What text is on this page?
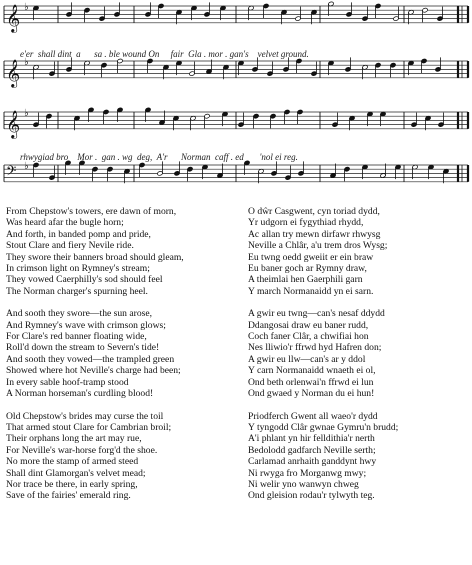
𝄞 ♭
𝄞 ♭
𝄞 ♭
𝄢 ♭
e'er  shall dint  a      sa . ble wound On     fair  Gla . mor . gan's    velvet ground.
rhwygiad bro    Mor .  gan . wg  deg,  A'r      Norman  caff . ed       'nol ei reg.
From Chepstow's towers, ere dawn of morn,
Was heard afar the bugle horn;
And forth, in banded pomp and pride,
Stout Clare and fiery Nevile ride.
They swore their banners broad should gleam,
In crimson light on Rymney's stream;
They vowed Caerphilly's sod should feel
The Norman charger's spurning heel.
And sooth they swore—the sun arose,
And Rymney's wave with crimson glows;
For Clare's red banner floating wide,
Roll'd down the stream to Severn's tide!
And sooth they vowed—the trampled green
Showed where hot Neville's charge had been;
In every sable hoof-tramp stood
A Norman horseman's curdling blood!
Old Chepstow's brides may curse the toil
That armed stout Clare for Cambrian broil;
Their orphans long the art may rue,
For Neville's war-horse forg'd the shoe.
No more the stamp of armed steed
Shall dint Glamorgan's velvet mead;
Nor trace be there, in early spring,
Save of the fairies' emerald ring.
O dŵr Casgwent, cyn toriad dydd,
Yr udgorn ei fygythiad rhydd,
Ac allan try mewn dirfawr rhwysg
Neville a Chlâr, a'u trem dros Wysg;
Eu twng oedd gweiit er ein braw
Eu baner goch ar Rymny draw,
A theimlai hen Gaerphili garn
Y march Normanaidd yn ei sarn.
A gwir eu twng—can's nesaf ddydd
Ddangosai draw eu baner rudd,
Coch faner Clâr, a chwifiai hon
Nes lliwio'r ffrwd hyd Hafren don;
A gwir eu llw—can's ar y ddol
Y carn Normanaidd wnaeth ei ol,
Ond beth orlenwai'n ffrwd ei lun
Ond gwaed y Norman du ei hun!
Priodferch Gwent all waeo'r dydd
Y tyngodd Clâr gwnae Gymru'n brudd;
A'i phlant yn hir felldithia'r nerth
Bedolodd gadfarch Neville serth;
Carlamad anrhaith ganddynt hwy
Ni rwyga fro Morganwg mwy;
Ni welir yno wanwyn chweg
Ond gleision rodau'r tylwyth teg.
